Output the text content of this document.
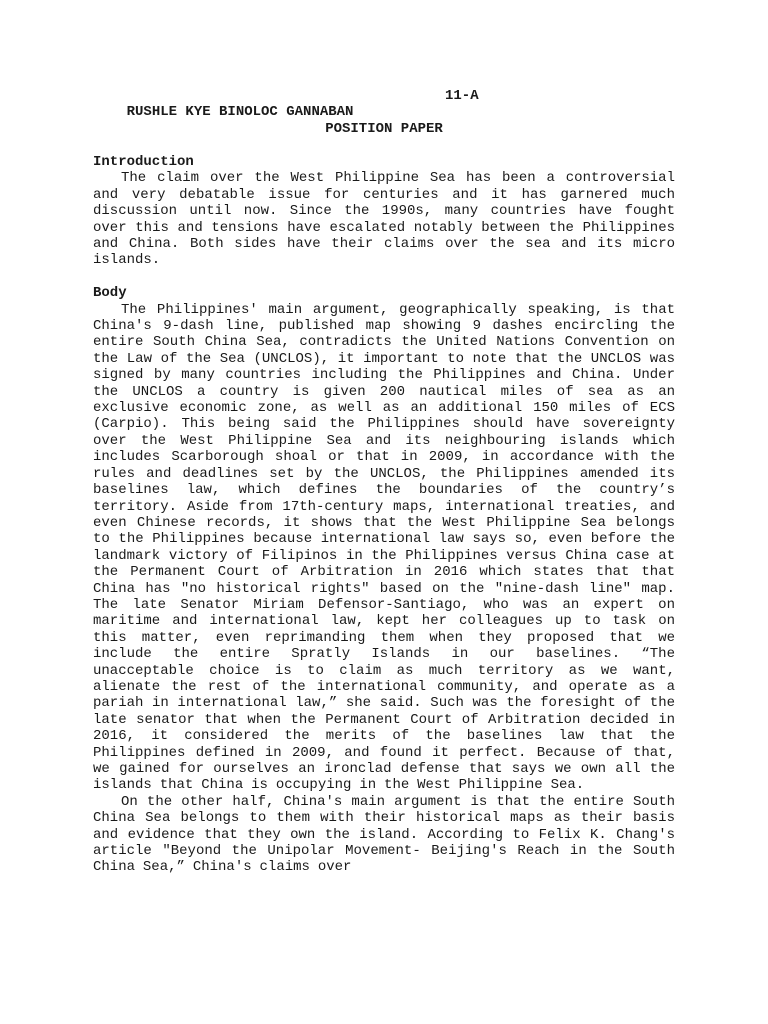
RUSHLE KYE BINOLOC GANNABAN

11-A

POSITION PAPER
Introduction

The claim over the West Philippine Sea has been a controversial and very debatable issue for centuries and it has garnered much discussion until now. Since the 1990s, many countries have fought over this and tensions have escalated notably between the Philippines and China. Both sides have their claims over the sea and its micro islands.

Body

The Philippines' main argument, geographically speaking, is that China's 9-dash line, published map showing 9 dashes encircling the entire South China Sea, contradicts the United Nations Convention on the Law of the Sea (UNCLOS), it important to note that the UNCLOS was signed by many countries including the Philippines and China. Under the UNCLOS a country is given 200 nautical miles of sea as an exclusive economic zone, as well as an additional 150 miles of ECS (Carpio). This being said the Philippines should have sovereignty over the West Philippine Sea and its neighbouring islands which includes Scarborough shoal or that in 2009, in accordance with the rules and deadlines set by the UNCLOS, the Philippines amended its baselines law, which defines the boundaries of the country’s territory. Aside from 17th-century maps, international treaties, and even Chinese records, it shows that the West Philippine Sea belongs to the Philippines because international law says so, even before the landmark victory of Filipinos in the Philippines versus China case at the Permanent Court of Arbitration in 2016 which states that that China has "no historical rights" based on the "nine-dash line" map. The late Senator Miriam Defensor-Santiago, who was an expert on maritime and international law, kept her colleagues up to task on this matter, even reprimanding them when they proposed that we include the entire Spratly Islands in our baselines. “The unacceptable choice is to claim as much territory as we want, alienate the rest of the international community, and operate as a pariah in international law,” she said. Such was the foresight of the late senator that when the Permanent Court of Arbitration decided in 2016, it considered the merits of the baselines law that the Philippines defined in 2009, and found it perfect. Because of that, we gained for ourselves an ironclad defense that says we own all the islands that China is occupying in the West Philippine Sea.

On the other half, China's main argument is that the entire South China Sea belongs to them with their historical maps as their basis and evidence that they own the island. According to Felix K. Chang's article "Beyond the Unipolar Movement- Beijing's Reach in the South China Sea,” China's claims over
